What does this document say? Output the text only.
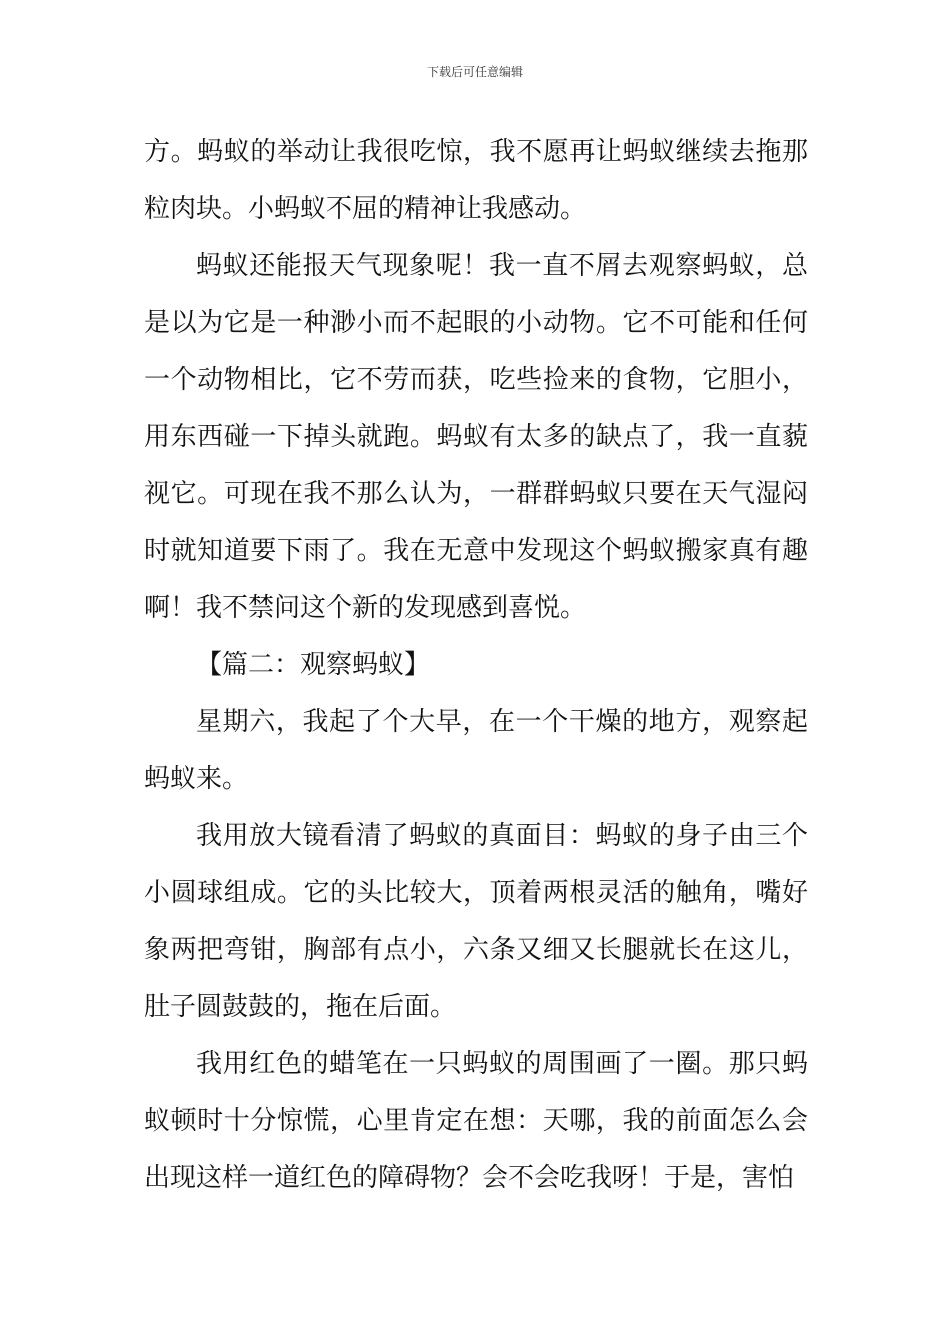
下载后可任意编辑

方。蚂蚁的举动让我很吃惊，我不愿再让蚂蚁继续去拖那粒肉块。小蚂蚁不屈的精神让我感动。

蚂蚁还能报天气现象呢！我一直不屑去观察蚂蚁，总是以为它是一种渺小而不起眼的小动物。它不可能和任何一个动物相比，它不劳而获，吃些捡来的食物，它胆小，用东西碰一下掉头就跑。蚂蚁有太多的缺点了，我一直藐视它。可现在我不那么认为，一群群蚂蚁只要在天气湿闷时就知道要下雨了。我在无意中发现这个蚂蚁搬家真有趣啊！我不禁问这个新的发现感到喜悦。

【篇二：观察蚂蚁】

星期六，我起了个大早，在一个干燥的地方，观察起蚂蚁来。

我用放大镜看清了蚂蚁的真面目：蚂蚁的身子由三个小圆球组成。它的头比较大，顶着两根灵活的触角，嘴好象两把弯钳，胸部有点小，六条又细又长腿就长在这儿，肚子圆鼓鼓的，拖在后面。

我用红色的蜡笔在一只蚂蚁的周围画了一圈。那只蚂蚁顿时十分惊慌，心里肯定在想：天哪，我的前面怎么会出现这样一道红色的障碍物？会不会吃我呀！于是，害怕
